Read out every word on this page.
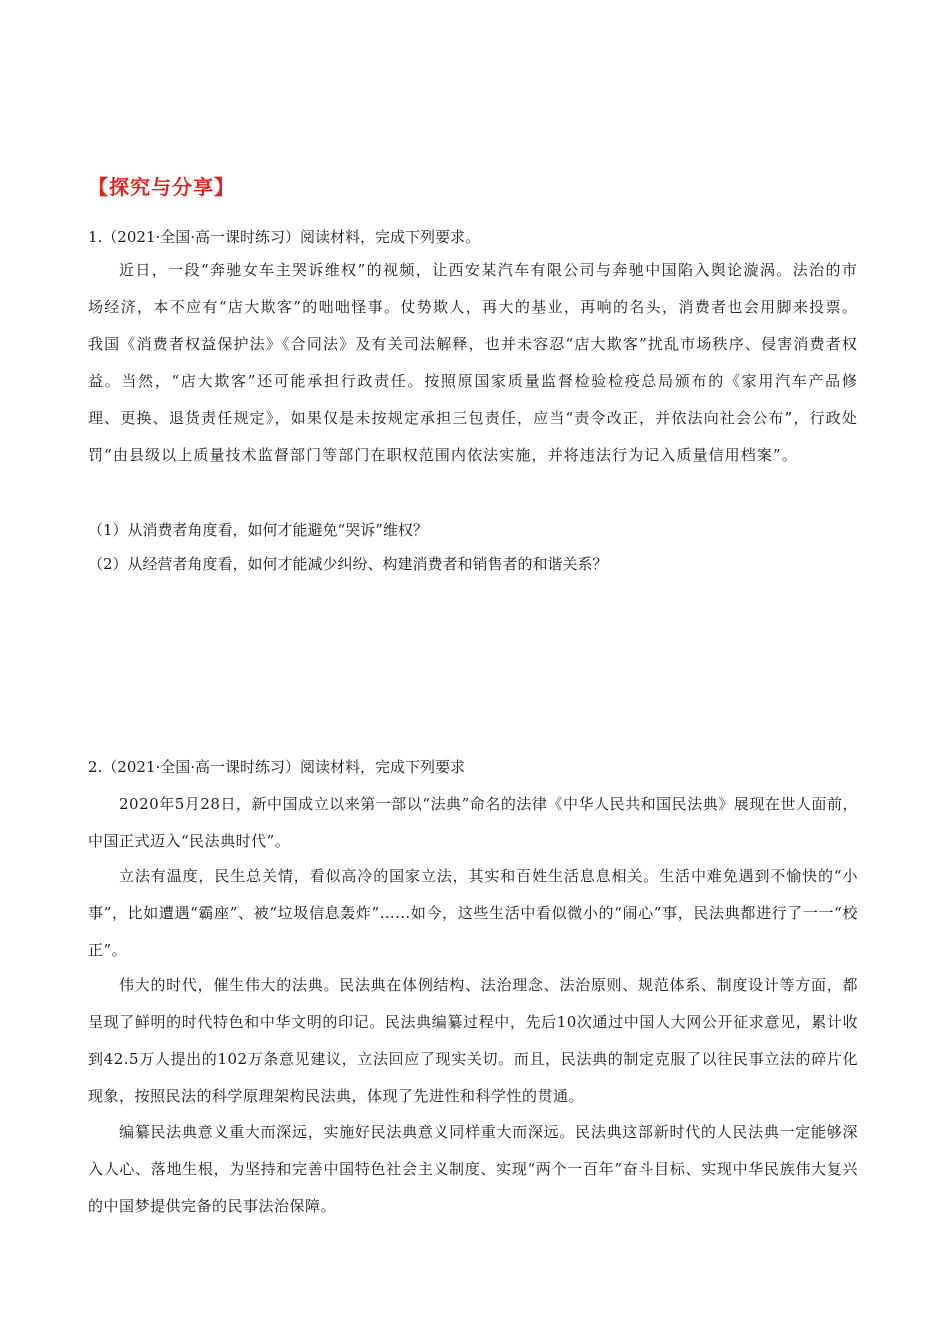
【探究与分享】
1.（2021·全国·高一课时练习）阅读材料，完成下列要求。
近日，一段“奔驰女车主哭诉维权”的视频，让西安某汽车有限公司与奔驰中国陷入舆论漩涡。法治的市场经济，本不应有“店大欺客”的咄咄怪事。仗势欺人，再大的基业，再响的名头，消费者也会用脚来投票。我国《消费者权益保护法》《合同法》及有关司法解释，也并未容忍“店大欺客”扰乱市场秩序、侵害消费者权益。当然，“店大欺客”还可能承担行政责任。按照原国家质量监督检验检疫总局颁布的《家用汽车产品修理、更换、退货责任规定》，如果仅是未按规定承担三包责任，应当“责令改正，并依法向社会公布”，行政处罚“由县级以上质量技术监督部门等部门在职权范围内依法实施，并将违法行为记入质量信用档案”。
（1）从消费者角度看，如何才能避免“哭诉”维权？
（2）从经营者角度看，如何才能减少纠纷、构建消费者和销售者的和谐关系？
2.（2021·全国·高一课时练习）阅读材料，完成下列要求
2020年5月28日，新中国成立以来第一部以“法典”命名的法律《中华人民共和国民法典》展现在世人面前，中国正式迈入“民法典时代”。
立法有温度，民生总关情，看似高冷的国家立法，其实和百姓生活息息相关。生活中难免遇到不愉快的“小事”，比如遭遇“霸座”、被“垃圾信息轰炸”……如今，这些生活中看似微小的“闹心”事，民法典都进行了一一“校正”。
伟大的时代，催生伟大的法典。民法典在体例结构、法治理念、法治原则、规范体系、制度设计等方面，都呈现了鲜明的时代特色和中华文明的印记。民法典编纂过程中，先后10次通过中国人大网公开征求意见，累计收到42.5万人提出的102万条意见建议，立法回应了现实关切。而且，民法典的制定克服了以往民事立法的碎片化现象，按照民法的科学原理架构民法典，体现了先进性和科学性的贯通。
编纂民法典意义重大而深远，实施好民法典意义同样重大而深远。民法典这部新时代的人民法典一定能够深入人心、落地生根，为坚持和完善中国特色社会主义制度、实现“两个一百年”奋斗目标、实现中华民族伟大复兴的中国梦提供完备的民事法治保障。
